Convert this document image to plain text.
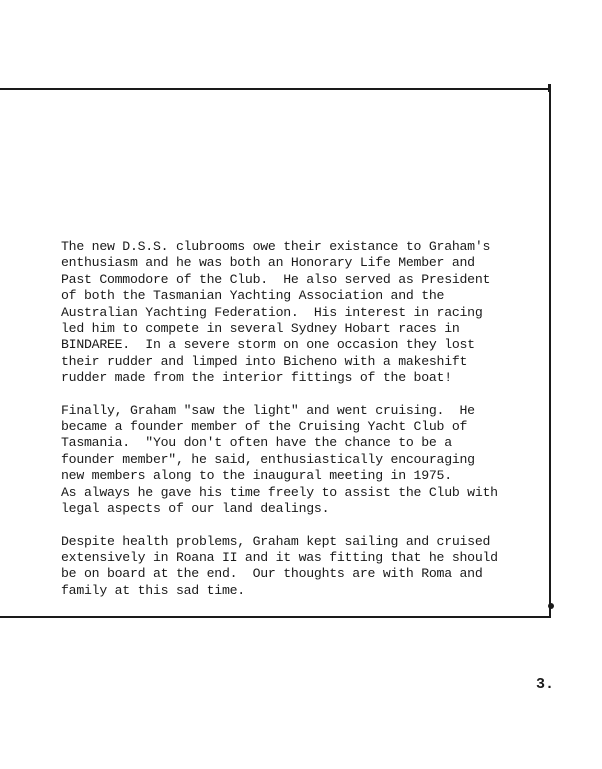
The new D.S.S. clubrooms owe their existance to Graham's
enthusiasm and he was both an Honorary Life Member and
Past Commodore of the Club.  He also served as President
of both the Tasmanian Yachting Association and the
Australian Yachting Federation.  His interest in racing
led him to compete in several Sydney Hobart races in
BINDAREE.  In a severe storm on one occasion they lost
their rudder and limped into Bicheno with a makeshift
rudder made from the interior fittings of the boat!
Finally, Graham "saw the light" and went cruising.  He
became a founder member of the Cruising Yacht Club of
Tasmania.  "You don't often have the chance to be a
founder member", he said, enthusiastically encouraging
new members along to the inaugural meeting in 1975.
As always he gave his time freely to assist the Club with
legal aspects of our land dealings.
Despite health problems, Graham kept sailing and cruised
extensively in Roana II and it was fitting that he should
be on board at the end.  Our thoughts are with Roma and
family at this sad time.
3.
